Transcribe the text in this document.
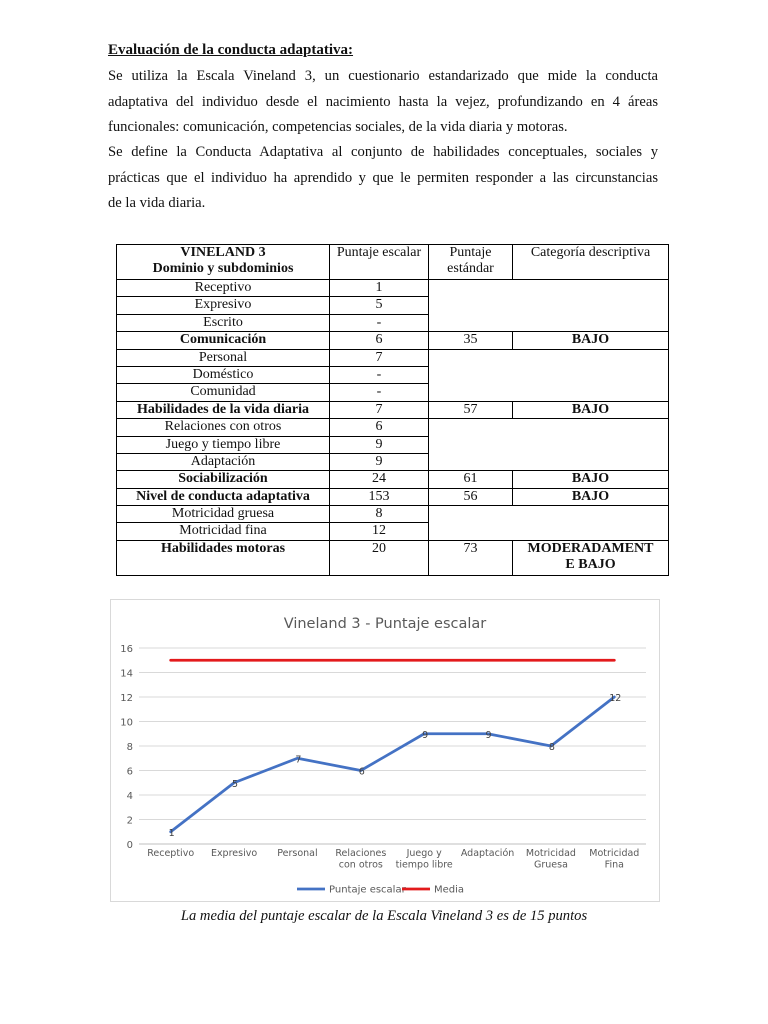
Evaluación de la conducta adaptativa:

Se utiliza la Escala Vineland 3, un cuestionario estandarizado que mide la conducta
adaptativa del individuo desde el nacimiento hasta la vejez, profundizando en 4 áreas
funcionales: comunicación, competencias sociales, de la vida diaria y motoras.

Se define la Conducta Adaptativa al conjunto de habilidades conceptuales, sociales y
prácticas que el individuo ha aprendido y que le permiten responder a las circunstancias
de la vida diaria.

VINELAND 3
Dominio y subdominios	Puntaje escalar	Puntaje estándar	Categoría descriptiva
Receptivo	1		
Expresivo	5		
Escrito	-		
Comunicación	6	35	BAJO
Personal	7		
Doméstico	-		
Comunidad	-		
Habilidades de la vida diaria	7	57	BAJO
Relaciones con otros	6		
Juego y tiempo libre	9		
Adaptación	9		
Sociabilización	24	61	BAJO
Nivel de conducta adaptativa	153	56	BAJO
Motricidad gruesa	8		
Motricidad fina	12		
Habilidades motoras	20	73	MODERADAMENT
E BAJO
Vineland 3 - Puntaje escalar
0
2
4
6
8
10
12
14
16
Receptivo Expresivo Personal Relaciones con otros
Juego y tiempo libre
Adaptación Motricidad Gruesa
Motricidad Fina
1
5
7
6
9	9
8
12
Puntaje escalar	Media

La media del puntaje escalar de la Escala Vineland 3 es de 15 puntos
